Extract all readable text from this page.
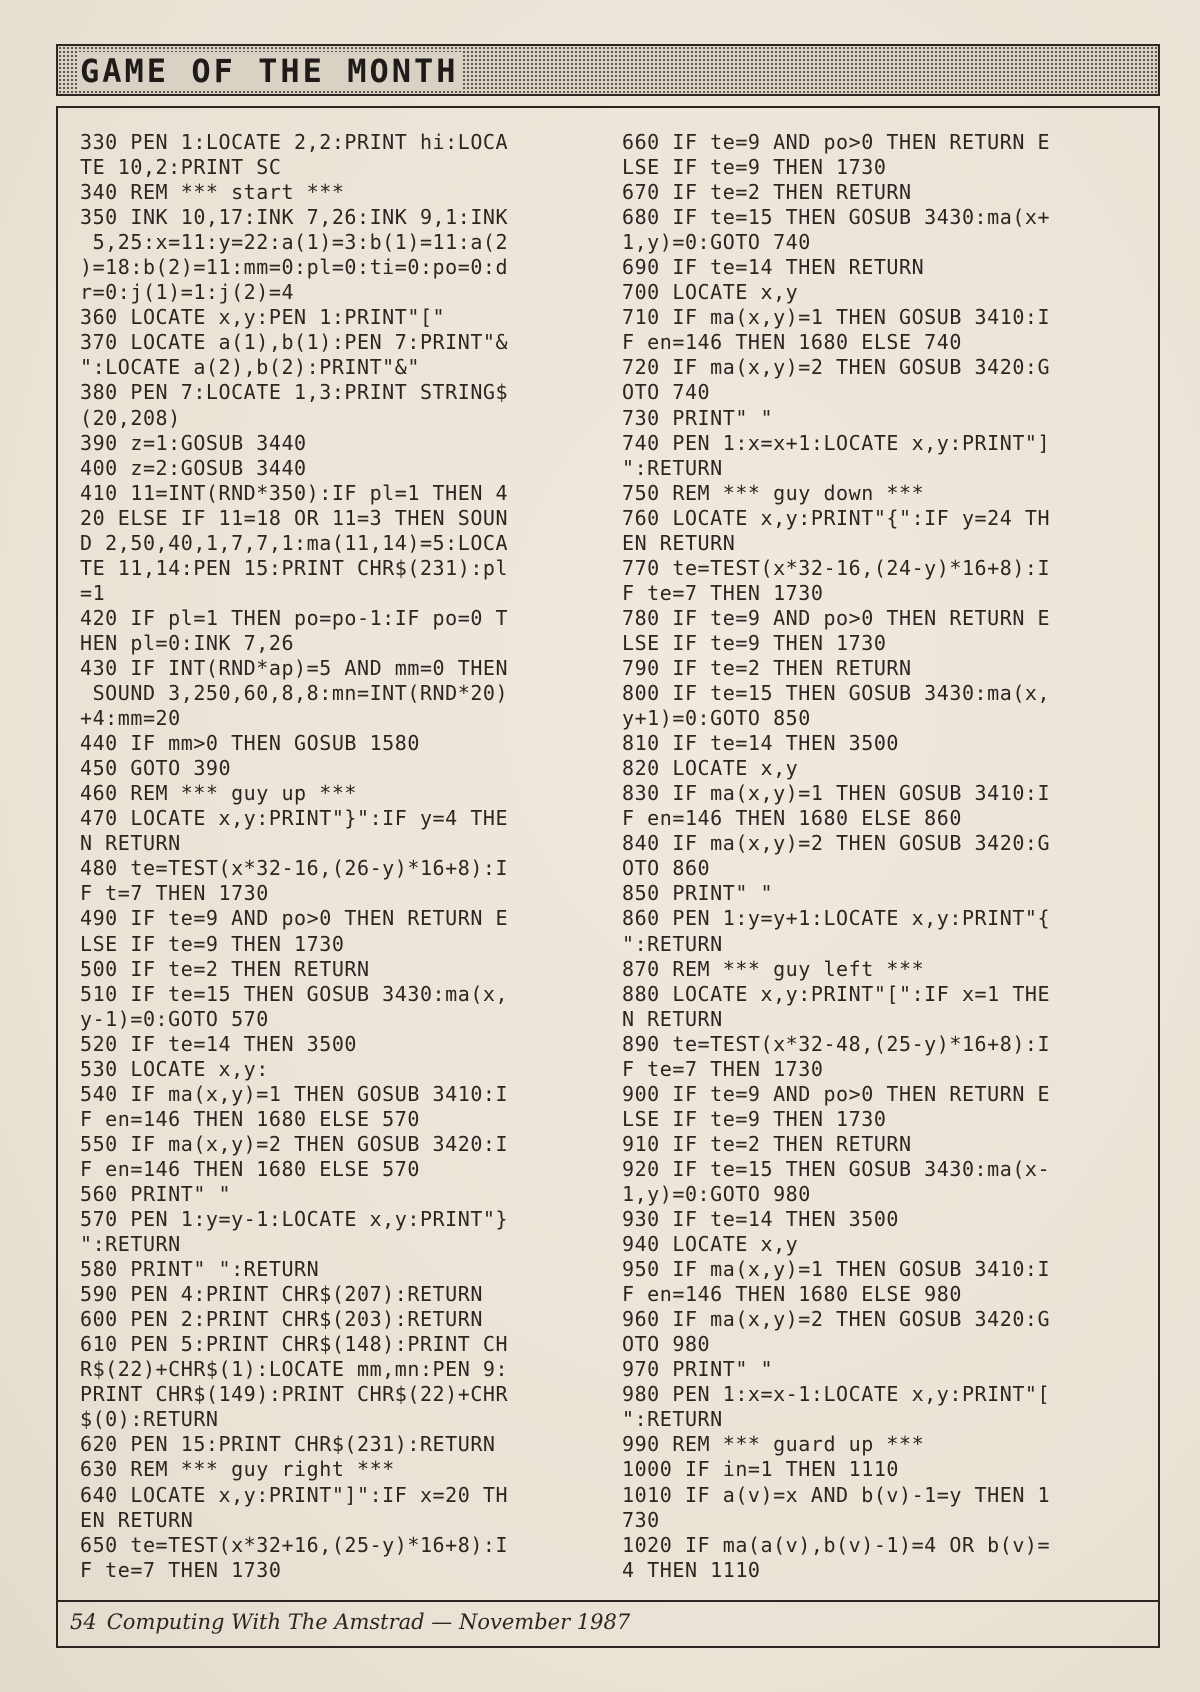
GAME OF THE MONTH
330 PEN 1:LOCATE 2,2:PRINT hi:LOCA
TE 10,2:PRINT SC
340 REM *** start ***
350 INK 10,17:INK 7,26:INK 9,1:INK
5,25:x=11:y=22:a(1)=3:b(1)=11:a(2
)=18:b(2)=11:mm=0:pl=0:ti=0:po=0:d
r=0:j(1)=1:j(2)=4
360 LOCATE x,y:PEN 1:PRINT"["
370 LOCATE a(1),b(1):PEN 7:PRINT"&
":LOCATE a(2),b(2):PRINT"&"
380 PEN 7:LOCATE 1,3:PRINT STRING$
(20,208)
390 z=1:GOSUB 3440
400 z=2:GOSUB 3440
410 11=INT(RND*350):IF pl=1 THEN 4
20 ELSE IF 11=18 OR 11=3 THEN SOUN
D 2,50,40,1,7,7,1:ma(11,14)=5:LOCA
TE 11,14:PEN 15:PRINT CHR$(231):pl
=1
420 IF pl=1 THEN po=po-1:IF po=0 T
HEN pl=0:INK 7,26
430 IF INT(RND*ap)=5 AND mm=0 THEN
SOUND 3,250,60,8,8:mn=INT(RND*20)
+4:mm=20
440 IF mm>0 THEN GOSUB 1580
450 GOTO 390
460 REM *** guy up ***
470 LOCATE x,y:PRINT"}":IF y=4 THE
N RETURN
480 te=TEST(x*32-16,(26-y)*16+8):I
F t=7 THEN 1730
490 IF te=9 AND po>0 THEN RETURN E
LSE IF te=9 THEN 1730
500 IF te=2 THEN RETURN
510 IF te=15 THEN GOSUB 3430:ma(x,
y-1)=0:GOTO 570
520 IF te=14 THEN 3500
530 LOCATE x,y:
540 IF ma(x,y)=1 THEN GOSUB 3410:I
F en=146 THEN 1680 ELSE 570
550 IF ma(x,y)=2 THEN GOSUB 3420:I
F en=146 THEN 1680 ELSE 570
560 PRINT" "
570 PEN 1:y=y-1:LOCATE x,y:PRINT"}
":RETURN
580 PRINT" ":RETURN
590 PEN 4:PRINT CHR$(207):RETURN
600 PEN 2:PRINT CHR$(203):RETURN
610 PEN 5:PRINT CHR$(148):PRINT CH
R$(22)+CHR$(1):LOCATE mm,mn:PEN 9:
PRINT CHR$(149):PRINT CHR$(22)+CHR
$(0):RETURN
620 PEN 15:PRINT CHR$(231):RETURN
630 REM *** guy right ***
640 LOCATE x,y:PRINT"]":IF x=20 TH
EN RETURN
650 te=TEST(x*32+16,(25-y)*16+8):I
F te=7 THEN 1730
660 IF te=9 AND po>0 THEN RETURN E
LSE IF te=9 THEN 1730
670 IF te=2 THEN RETURN
680 IF te=15 THEN GOSUB 3430:ma(x+
1,y)=0:GOTO 740
690 IF te=14 THEN RETURN
700 LOCATE x,y
710 IF ma(x,y)=1 THEN GOSUB 3410:I
F en=146 THEN 1680 ELSE 740
720 IF ma(x,y)=2 THEN GOSUB 3420:G
OTO 740
730 PRINT" "
740 PEN 1:x=x+1:LOCATE x,y:PRINT"]
":RETURN
750 REM *** guy down ***
760 LOCATE x,y:PRINT"{":IF y=24 TH
EN RETURN
770 te=TEST(x*32-16,(24-y)*16+8):I
F te=7 THEN 1730
780 IF te=9 AND po>0 THEN RETURN E
LSE IF te=9 THEN 1730
790 IF te=2 THEN RETURN
800 IF te=15 THEN GOSUB 3430:ma(x,
y+1)=0:GOTO 850
810 IF te=14 THEN 3500
820 LOCATE x,y
830 IF ma(x,y)=1 THEN GOSUB 3410:I
F en=146 THEN 1680 ELSE 860
840 IF ma(x,y)=2 THEN GOSUB 3420:G
OTO 860
850 PRINT" "
860 PEN 1:y=y+1:LOCATE x,y:PRINT"{
":RETURN
870 REM *** guy left ***
880 LOCATE x,y:PRINT"[":IF x=1 THE
N RETURN
890 te=TEST(x*32-48,(25-y)*16+8):I
F te=7 THEN 1730
900 IF te=9 AND po>0 THEN RETURN E
LSE IF te=9 THEN 1730
910 IF te=2 THEN RETURN
920 IF te=15 THEN GOSUB 3430:ma(x-
1,y)=0:GOTO 980
930 IF te=14 THEN 3500
940 LOCATE x,y
950 IF ma(x,y)=1 THEN GOSUB 3410:I
F en=146 THEN 1680 ELSE 980
960 IF ma(x,y)=2 THEN GOSUB 3420:G
OTO 980
970 PRINT" "
980 PEN 1:x=x-1:LOCATE x,y:PRINT"[
":RETURN
990 REM *** guard up ***
1000 IF in=1 THEN 1110
1010 IF a(v)=x AND b(v)-1=y THEN 1
730
1020 IF ma(a(v),b(v)-1)=4 OR b(v)=
4 THEN 1110
54 Computing With The Amstrad — November 1987
